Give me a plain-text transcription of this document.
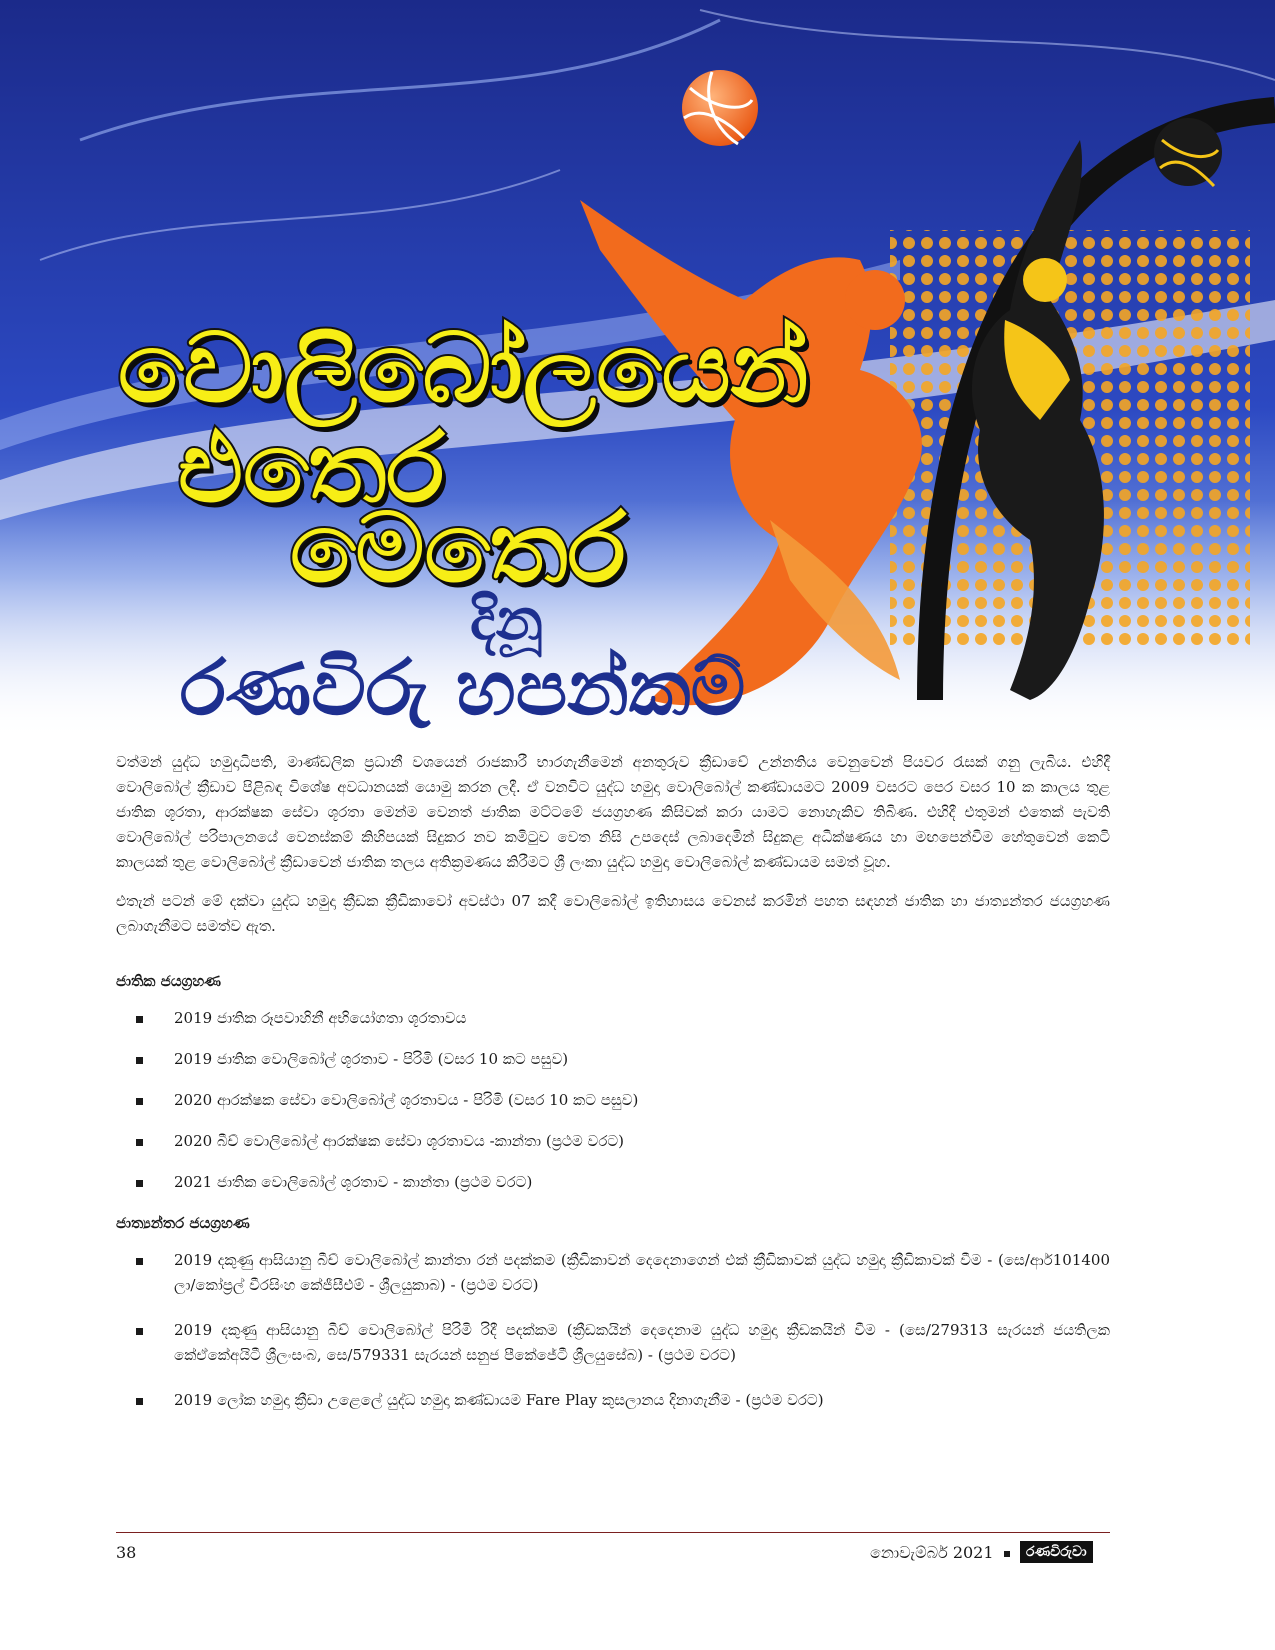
වොලිබෝලයෙන්
එතෙර
මෙතෙර
දිනූ
රණවිරු හපන්කම්

වත්මන් යුද්ධ හමුදාධිපති, මාණ්ඩලික ප්‍රධානී වශයෙන් රාජකාරී භාරගැනීමෙන් අනතුරුව ක්‍රීඩාවේ උන්නතිය වෙනුවෙන් පියවර රැසක් ගනු ලැබිය. එහිදී වොලිබෝල් ක්‍රීඩාව පිළිබඳ විශේෂ අවධානයක් යොමු කරන ලදී. ඒ වනවිට යුද්ධ හමුදා වොලිබෝල් කණ්ඩායමට 2009 වසරට පෙර වසර 10 ක කාලය තුළ ජාතික ශූරතා, ආරක්ෂක සේවා ශූරතා මෙන්ම වෙනත් ජාතික මට්ටමේ ජයග්‍රහණ කිසිවක් කරා යාමට නොහැකිව තිබිණ. එහිදී එතුමන් එතෙක් පැවති වොලිබෝල් පරිපාලනයේ වෙනස්කම් කිහිපයක් සිදුකර නව කමිටුව වෙත නිසි උපදෙස් ලබාදෙමින් සිදුකළ අධීක්ෂණය හා මඟපෙන්වීම හේතුවෙන් කෙටි කාලයක් තුළ වොලිබෝල් ක්‍රීඩාවෙන් ජාතික තලය අතික්‍රමණය කිරීමට ශ්‍රී ලංකා යුද්ධ හමුදා වොලිබෝල් කණ්ඩායම සමත් වූහ.

එතැන් පටන් මේ දක්වා යුද්ධ හමුදා ක්‍රීඩක ක්‍රීඩිකාවෝ අවස්ථා 07 කදී වොලිබෝල් ඉතිහාසය වෙනස් කරමින් පහත සඳහන් ජාතික හා ජාත්‍යන්තර ජයග්‍රහණ ලබාගැනීමට සමත්ව ඇත.

ජාතික ජයග්‍රහණ
2019 ජාතික රූපවාහිනී අභියෝගතා ශූරතාවය
2019 ජාතික වොලිබෝල් ශූරතාව - පිරිමි (වසර 10 කට පසුව)
2020 ආරක්ෂක සේවා වොලිබෝල් ශූරතාවය - පිරිමි (වසර 10 කට පසුව)
2020 බීච් වොලිබෝල් ආරක්ෂක සේවා ශූරතාවය -කාන්තා (ප්‍රථම වරට)
2021 ජාතික වොලිබෝල් ශූරතාව - කාන්තා (ප්‍රථම වරට)
ජාත්‍යන්තර ජයග්‍රහණ
2019 දකුණු ආසියානු බීච් වොලිබෝල් කාන්තා රන් පදක්කම (ක්‍රීඩිකාවන් දෙදෙනාගෙන් එක් ක්‍රීඩිකාවක් යුද්ධ හමුදා ක්‍රීඩිකාවක් වීම - (සෙ/ආර්101400 ලා/කෝප්‍රල් වීරසිංහ කේජීසීඑම් - ශ්‍රීලයුකාබ) - (ප්‍රථම වරට)
2019 දකුණු ආසියානු බීච් වොලිබෝල් පිරිමි රිදී පදක්කම (ක්‍රීඩකයින් දෙදෙනාම යුද්ධ හමුදා ක්‍රීඩකයින් වීම - (සෙ/279313 සැරයන් ජයතිලක කේඒකේඅයිටී ශ්‍රීලංසංබ, සෙ/579331 සැරයන් සනුජ පීකේජේටී ශ්‍රීලයුසේබ) - (ප්‍රථම වරට)
2019 ලෝක හමුදා ක්‍රීඩා උළෙලේ යුද්ධ හමුදා කණ්ඩායම Fare Play කුසලානය දිනාගැනීම - (ප්‍රථම වරට)
38	නොවැම්බර් 2021	රණවිරුවා
